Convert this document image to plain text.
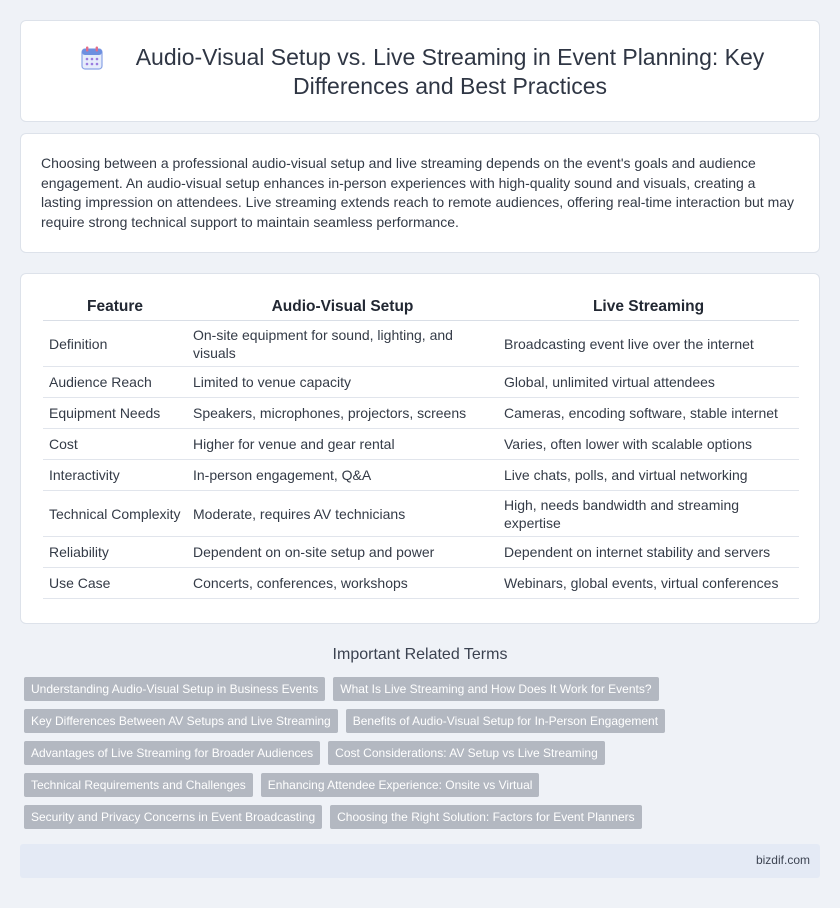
Audio-Visual Setup vs. Live Streaming in Event Planning: Key Differences and Best Practices

Choosing between a professional audio-visual setup and live streaming depends on the event's goals and audience engagement. An audio-visual setup enhances in-person experiences with high-quality sound and visuals, creating a lasting impression on attendees. Live streaming extends reach to remote audiences, offering real-time interaction but may require strong technical support to maintain seamless performance.

Feature	Audio-Visual Setup	Live Streaming
Definition	On-site equipment for sound, lighting, and visuals	Broadcasting event live over the internet
Audience Reach	Limited to venue capacity	Global, unlimited virtual attendees
Equipment Needs	Speakers, microphones, projectors, screens	Cameras, encoding software, stable internet
Cost	Higher for venue and gear rental	Varies, often lower with scalable options
Interactivity	In-person engagement, Q&A	Live chats, polls, and virtual networking
Technical Complexity	Moderate, requires AV technicians	High, needs bandwidth and streaming expertise
Reliability	Dependent on on-site setup and power	Dependent on internet stability and servers
Use Case	Concerts, conferences, workshops	Webinars, global events, virtual conferences
Important Related Terms
Understanding Audio-Visual Setup in Business Events	What Is Live Streaming and How Does It Work for Events?
Key Differences Between AV Setups and Live Streaming	Benefits of Audio-Visual Setup for In-Person Engagement
Advantages of Live Streaming for Broader Audiences	Cost Considerations: AV Setup vs Live Streaming
Technical Requirements and Challenges	Enhancing Attendee Experience: Onsite vs Virtual
Security and Privacy Concerns in Event Broadcasting	Choosing the Right Solution: Factors for Event Planners
bizdif.com
